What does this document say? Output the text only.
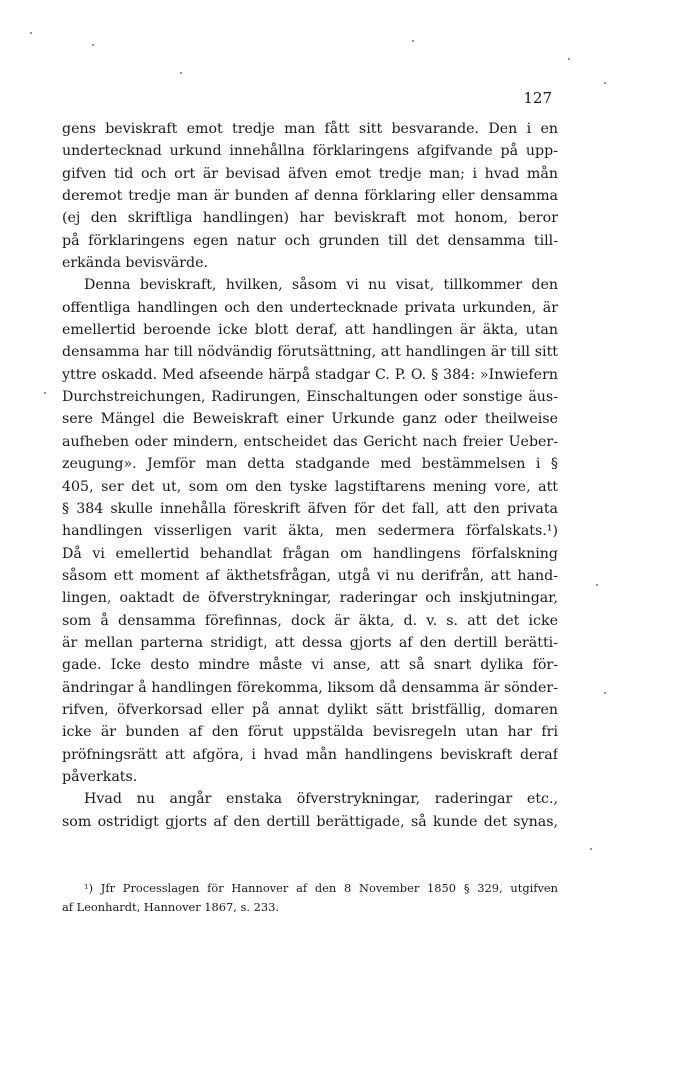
127
gens beviskraft emot tredje man fått sitt besvarande. Den i en
undertecknad urkund innehållna förklaringens afgifvande på upp-
gifven tid och ort är bevisad äfven emot tredje man; i hvad mån
deremot tredje man är bunden af denna förklaring eller densamma
(ej den skriftliga handlingen) har beviskraft mot honom, beror
på förklaringens egen natur och grunden till det densamma till-
erkända bevisvärde.
Denna beviskraft, hvilken, såsom vi nu visat, tillkommer den
offentliga handlingen och den undertecknade privata urkunden, är
emellertid beroende icke blott deraf, att handlingen är äkta, utan
densamma har till nödvändig förutsättning, att handlingen är till sitt
yttre oskadd. Med afseende härpå stadgar C. P. O. § 384: »Inwiefern
Durchstreichungen, Radirungen, Einschaltungen oder sonstige äus-
sere Mängel die Beweiskraft einer Urkunde ganz oder theilweise
aufheben oder mindern, entscheidet das Gericht nach freier Ueber-
zeugung». Jemför man detta stadgande med bestämmelsen i §
405, ser det ut, som om den tyske lagstiftarens mening vore, att
§ 384 skulle innehålla föreskrift äfven för det fall, att den privata
handlingen visserligen varit äkta, men sedermera förfalskats.¹)
Då vi emellertid behandlat frågan om handlingens förfalskning
såsom ett moment af äkthetsfrågan, utgå vi nu derifrån, att hand-
lingen, oaktadt de öfverstrykningar, raderingar och inskjutningar,
som å densamma förefinnas, dock är äkta, d. v. s. att det icke
är mellan parterna stridigt, att dessa gjorts af den dertill berätti-
gade. Icke desto mindre måste vi anse, att så snart dylika för-
ändringar å handlingen förekomma, liksom då densamma är sönder-
rifven, öfverkorsad eller på annat dylikt sätt bristfällig, domaren
icke är bunden af den förut uppstälda bevisregeln utan har fri
pröfningsrätt att afgöra, i hvad mån handlingens beviskraft deraf
påverkats.
Hvad nu angår enstaka öfverstrykningar, raderingar etc.,
som ostridigt gjorts af den dertill berättigade, så kunde det synas,
¹) Jfr Processlagen för Hannover af den 8 November 1850 § 329, utgifven
af Leonhardt, Hannover 1867, s. 233.
